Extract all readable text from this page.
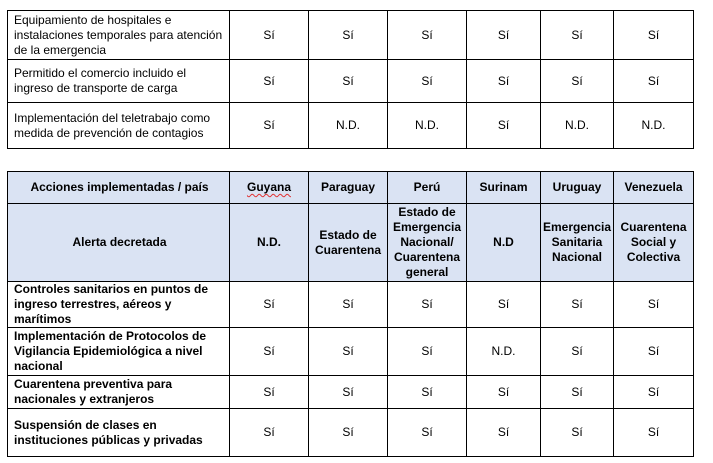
Equipamiento de hospitales e instalaciones temporales para atención de la emergencia	Sí	Sí	Sí	Sí	Sí	Sí
Permitido el comercio incluido el ingreso de transporte de carga	Sí	Sí	Sí	Sí	Sí	Sí
Implementación del teletrabajo como medida de prevención de contagios	Sí	N.D.	N.D.	Sí	N.D.	N.D.
Acciones implementadas / país	Guyana	Paraguay	Perú	Surinam	Uruguay	Venezuela
Alerta decretada	N.D.	Estado de Cuarentena	Estado de Emergencia Nacional/ Cuarentena general	N.D	Emergencia Sanitaria Nacional	Cuarentena Social y Colectiva
Controles sanitarios en puntos de ingreso terrestres, aéreos y marítimos	Sí	Sí	Sí	Sí	Sí	Sí
Implementación de Protocolos de Vigilancia Epidemiológica a nivel nacional	Sí	Sí	Sí	N.D.	Sí	Sí
Cuarentena preventiva para nacionales y extranjeros	Sí	Sí	Sí	Sí	Sí	Sí
Suspensión de clases en instituciones públicas y privadas	Sí	Sí	Sí	Sí	Sí	Sí
